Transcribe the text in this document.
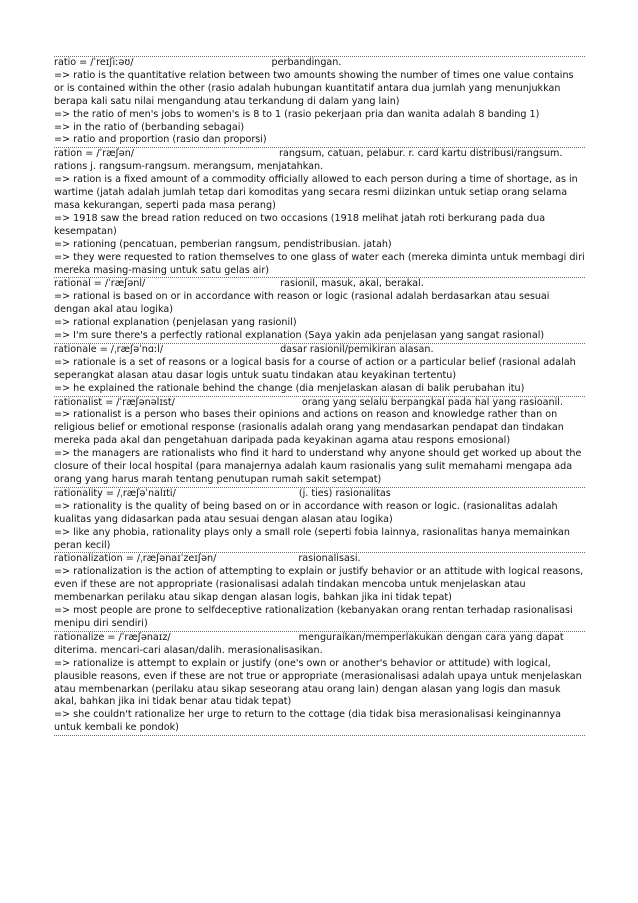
ratio = /ˈreɪʃiːəʊ/	perbandingan.
=> ratio is the quantitative relation between two amounts showing the number of times one value contains or is contained within the other (rasio adalah hubungan kuantitatif antara dua jumlah yang menunjukkan berapa kali satu nilai mengandung atau terkandung di dalam yang lain)
=> the ratio of men's jobs to women's is 8 to 1 (rasio pekerjaan pria dan wanita adalah 8 banding 1)
=> in the ratio of (berbanding sebagai)
=> ratio and proportion (rasio dan proporsi)
ration = /ˈræʃən/	rangsum, catuan, pelabur. r. card kartu distribusi/rangsum. rations j. rangsum-rangsum. merangsum, menjatahkan.
=> ration is a fixed amount of a commodity officially allowed to each person during a time of shortage, as in wartime (jatah adalah jumlah tetap dari komoditas yang secara resmi diizinkan untuk setiap orang selama masa kekurangan, seperti pada masa perang)
=> 1918 saw the bread ration reduced on two occasions (1918 melihat jatah roti berkurang pada dua kesempatan)
=> rationing (pencatuan, pemberian rangsum, pendistribusian. jatah)
=> they were requested to ration themselves to one glass of water each (mereka diminta untuk membagi diri mereka masing-masing untuk satu gelas air)
rational = /ˈræʃənl/	rasionil, masuk, akal, berakal.
=> rational is based on or in accordance with reason or logic (rasional adalah berdasarkan atau sesuai dengan akal atau logika)
=> rational explanation (penjelasan yang rasionil)
=> I'm sure there's a perfectly rational explanation (Saya yakin ada penjelasan yang sangat rasional)
rationale = /ˌræʃəˈnɑːl/	dasar rasionil/pemikiran alasan.
=> rationale is a set of reasons or a logical basis for a course of action or a particular belief (rasional adalah seperangkat alasan atau dasar logis untuk suatu tindakan atau keyakinan tertentu)
=> he explained the rationale behind the change (dia menjelaskan alasan di balik perubahan itu)
rationalist = /ˈræʃənəlɪst/	orang yang selalu berpangkal pada hal yang rasioanil.
=> rationalist is a person who bases their opinions and actions on reason and knowledge rather than on religious belief or emotional response (rasionalis adalah orang yang mendasarkan pendapat dan tindakan mereka pada akal dan pengetahuan daripada pada keyakinan agama atau respons emosional)
=> the managers are rationalists who find it hard to understand why anyone should get worked up about the closure of their local hospital (para manajernya adalah kaum rasionalis yang sulit memahami mengapa ada orang yang harus marah tentang penutupan rumah sakit setempat)
rationality = /ˌræʃəˈnalɪti/	(j. ties) rasionalitas
=> rationality is the quality of being based on or in accordance with reason or logic. (rasionalitas adalah kualitas yang didasarkan pada atau sesuai dengan alasan atau logika)
=> like any phobia, rationality plays only a small role (seperti fobia lainnya, rasionalitas hanya memainkan peran kecil)
rationalization = /ˌræʃənaɪˈzeɪʃən/	rasionalisasi.
=> rationalization is the action of attempting to explain or justify behavior or an attitude with logical reasons, even if these are not appropriate (rasionalisasi adalah tindakan mencoba untuk menjelaskan atau membenarkan perilaku atau sikap dengan alasan logis, bahkan jika ini tidak tepat)
=> most people are prone to selfdeceptive rationalization (kebanyakan orang rentan terhadap rasionalisasi menipu diri sendiri)
rationalize = /ˈræʃənaɪz/	menguraikan/memperlakukan dengan cara yang dapat diterima. mencari-cari alasan/dalih. merasionalisasikan.
=> rationalize is attempt to explain or justify (one's own or another's behavior or attitude) with logical, plausible reasons, even if these are not true or appropriate (merasionalisasi adalah upaya untuk menjelaskan atau membenarkan (perilaku atau sikap seseorang atau orang lain) dengan alasan yang logis dan masuk akal, bahkan jika ini tidak benar atau tidak tepat)
=> she couldn't rationalize her urge to return to the cottage (dia tidak bisa merasionalisasi keinginannya untuk kembali ke pondok)
